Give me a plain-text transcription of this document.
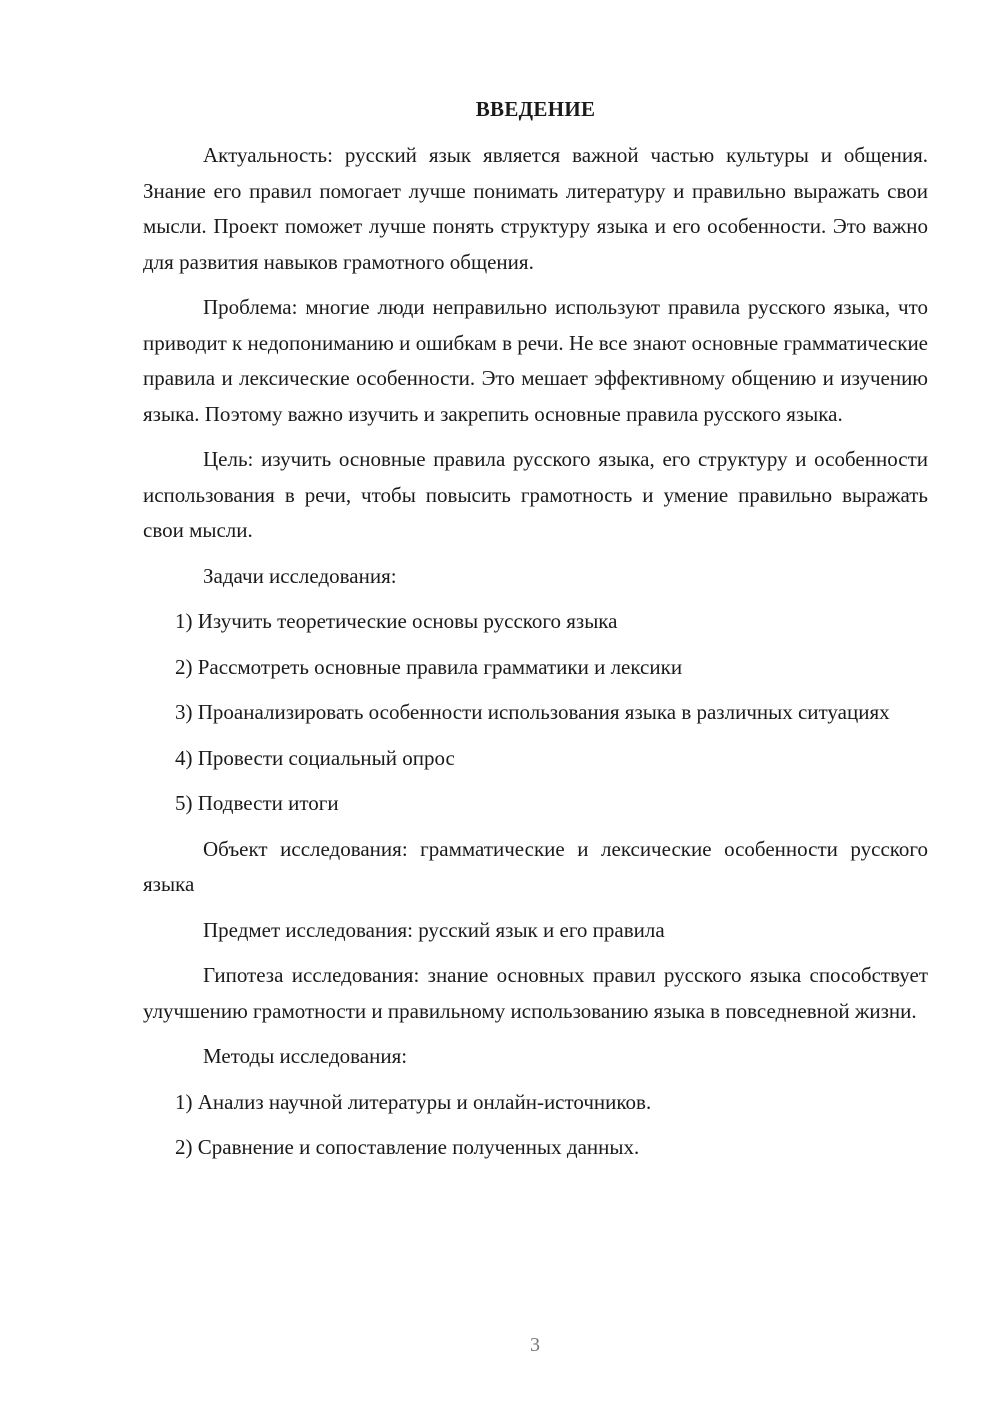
ВВЕДЕНИЕ

Актуальность: русский язык является важной частью культуры и общения. Знание его правил помогает лучше понимать литературу и правильно выражать свои мысли. Проект поможет лучше понять структуру языка и его особенности. Это важно для развития навыков грамотного общения.

Проблема: многие люди неправильно используют правила русского языка, что приводит к недопониманию и ошибкам в речи. Не все знают основные грамматические правила и лексические особенности. Это мешает эффективному общению и изучению языка. Поэтому важно изучить и закрепить основные правила русского языка.

Цель: изучить основные правила русского языка, его структуру и особенности использования в речи, чтобы повысить грамотность и умение правильно выражать свои мысли.

Задачи исследования:

1) Изучить теоретические основы русского языка

2) Рассмотреть основные правила грамматики и лексики

3) Проанализировать особенности использования языка в различных ситуациях

4) Провести социальный опрос

5) Подвести итоги

Объект исследования: грамматические и лексические особенности русского языка

Предмет исследования: русский язык и его правила

Гипотеза исследования: знание основных правил русского языка способствует улучшению грамотности и правильному использованию языка в повседневной жизни.

Методы исследования:

1) Анализ научной литературы и онлайн-источников.

2) Сравнение и сопоставление полученных данных.

3
